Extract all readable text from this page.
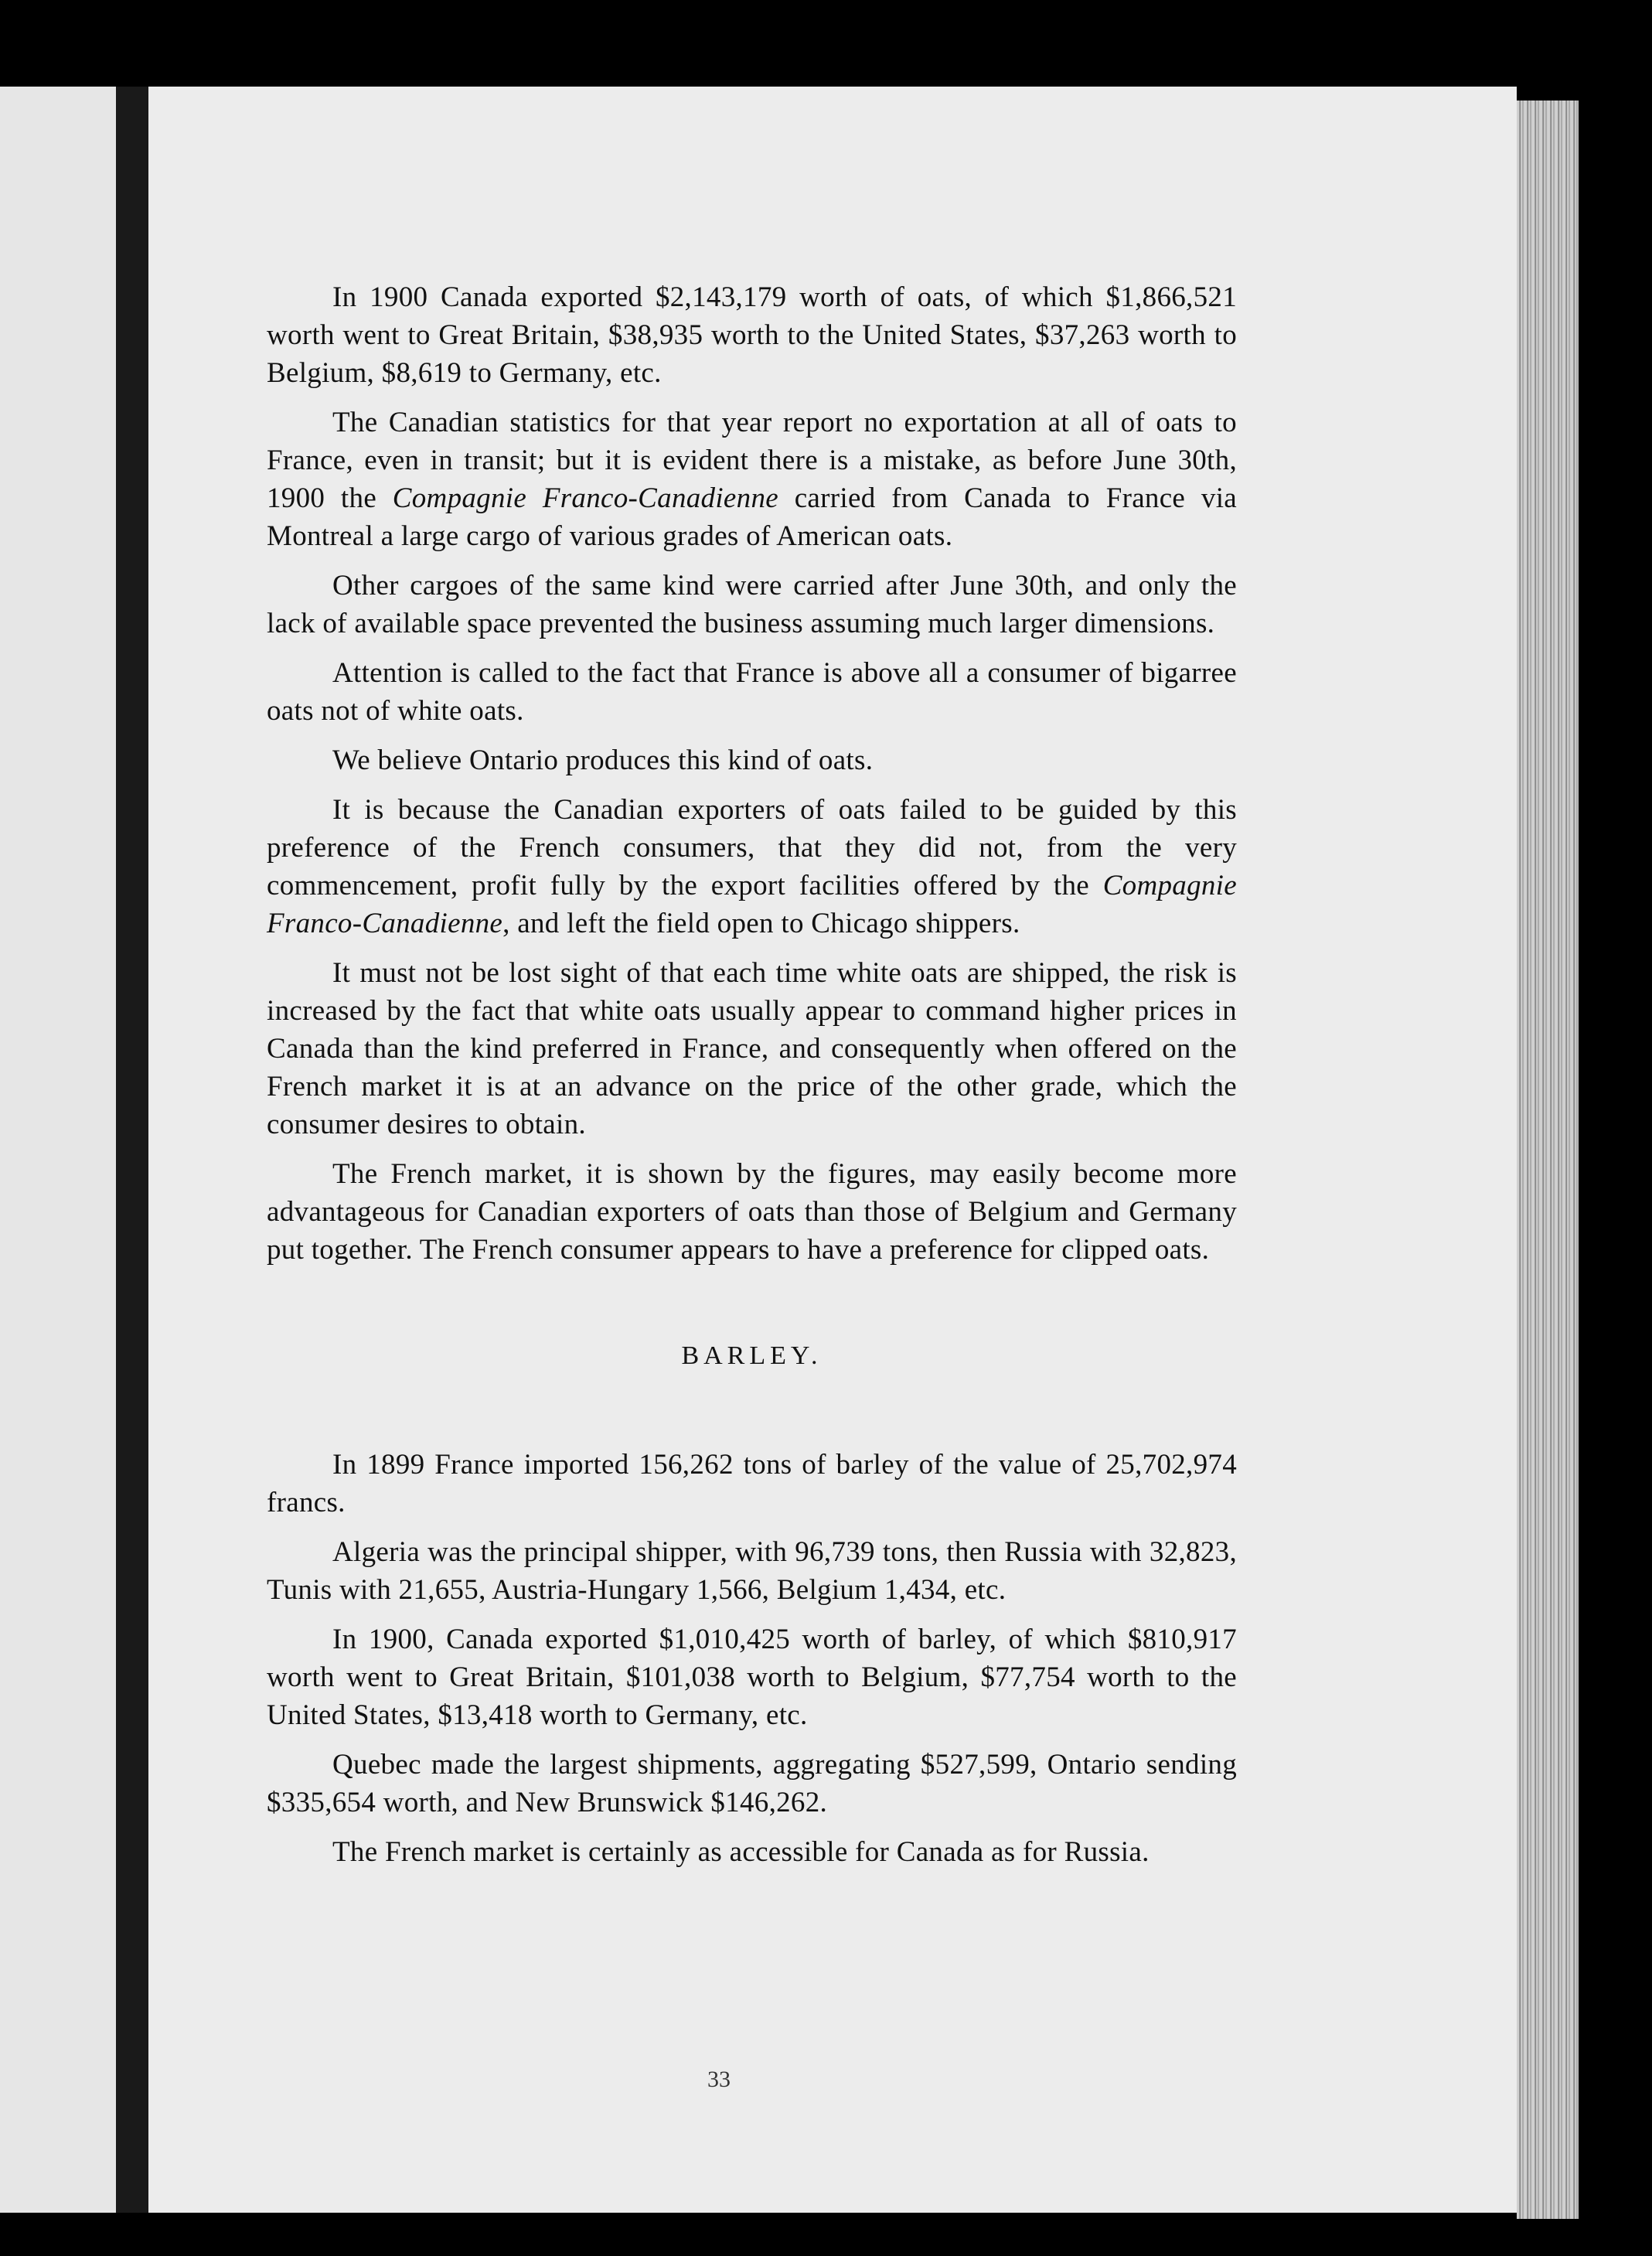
In 1900 Canada exported $2,143,179 worth of oats, of which $1,866,521 worth went to Great Britain, $38,935 worth to the United States, $37,263 worth to Belgium, $8,619 to Germany, etc.

The Canadian statistics for that year report no exportation at all of oats to France, even in transit; but it is evident there is a mistake, as before June 30th, 1900 the Compagnie Franco-Canadienne carried from Canada to France via Montreal a large cargo of various grades of American oats.

Other cargoes of the same kind were carried after June 30th, and only the lack of available space prevented the business assuming much larger dimensions.

Attention is called to the fact that France is above all a consumer of bigarree oats not of white oats.

We believe Ontario produces this kind of oats.

It is because the Canadian exporters of oats failed to be guided by this preference of the French consumers, that they did not, from the very commencement, profit fully by the export facilities offered by the Compagnie Franco-Canadienne, and left the field open to Chicago shippers.

It must not be lost sight of that each time white oats are shipped, the risk is increased by the fact that white oats usually appear to command higher prices in Canada than the kind preferred in France, and consequently when offered on the French market it is at an advance on the price of the other grade, which the consumer desires to obtain.

The French market, it is shown by the figures, may easily become more advantageous for Canadian exporters of oats than those of Belgium and Germany put together. The French consumer appears to have a preference for clipped oats.

BARLEY.

In 1899 France imported 156,262 tons of barley of the value of 25,702,974 francs.

Algeria was the principal shipper, with 96,739 tons, then Russia with 32,823, Tunis with 21,655, Austria-Hungary 1,566, Belgium 1,434, etc.

In 1900, Canada exported $1,010,425 worth of barley, of which $810,917 worth went to Great Britain, $101,038 worth to Belgium, $77,754 worth to the United States, $13,418 worth to Germany, etc.

Quebec made the largest shipments, aggregating $527,599, Ontario sending $335,654 worth, and New Brunswick $146,262.

The French market is certainly as accessible for Canada as for Russia.

33
